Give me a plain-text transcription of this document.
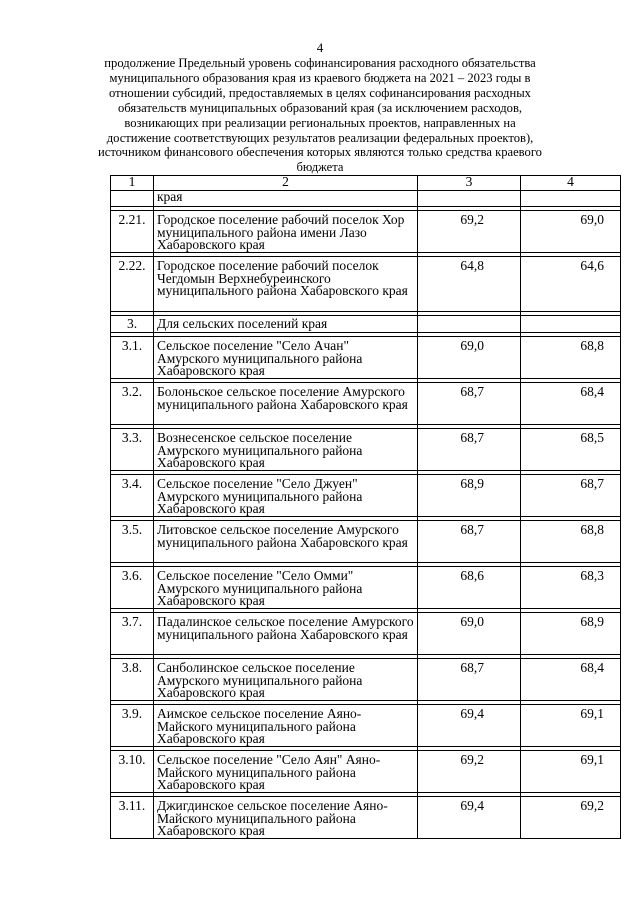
4
продолжение Предельный уровень софинансирования расходного обязательства муниципального образования края из краевого бюджета на 2021 – 2023 годы в отношении субсидий, предоставляемых в целях софинансирования расходных обязательств муниципальных образований края (за исключением расходов, возникающих при реализации региональных проектов, направленных на достижение соответствующих результатов реализации федеральных проектов), источником финансового обеспечения которых являются только средства краевого бюджета
1	2	3	4
	края		

2.21.	Городское поселение рабочий поселок Хор муниципального района имени Лазо Хабаровского края	69,2	69,0

2.22.	Городское поселение рабочий поселок Чегдомын Верхнебуреинского муниципального района Хабаровского края	64,8	64,6

3.	Для сельских поселений края		

3.1.	Сельское поселение "Село Ачан" Амурского муниципального района Хабаровского края	69,0	68,8

3.2.	Болоньское сельское поселение Амурского муниципального района Хабаровского края	68,7	68,4

3.3.	Вознесенское сельское поселение Амурского муниципального района Хабаровского края	68,7	68,5

3.4.	Сельское поселение "Село Джуен" Амурского муниципального района Хабаровского края	68,9	68,7

3.5.	Литовское сельское поселение Амурского муниципального района Хабаровского края	68,7	68,8

3.6.	Сельское поселение "Село Омми" Амурского муниципального района Хабаровского края	68,6	68,3

3.7.	Падалинское сельское поселение Амурского муниципального района Хабаровского края	69,0	68,9

3.8.	Санболинское сельское поселение Амурского муниципального района Хабаровского края	68,7	68,4

3.9.	Аимское сельское поселение Аяно-Майского муниципального района Хабаровского края	69,4	69,1

3.10.	Сельское поселение "Село Аян" Аяно-Майского муниципального района Хабаровского края	69,2	69,1

3.11.	Джигдинское сельское поселение Аяно-Майского муниципального района Хабаровского края	69,4	69,2
